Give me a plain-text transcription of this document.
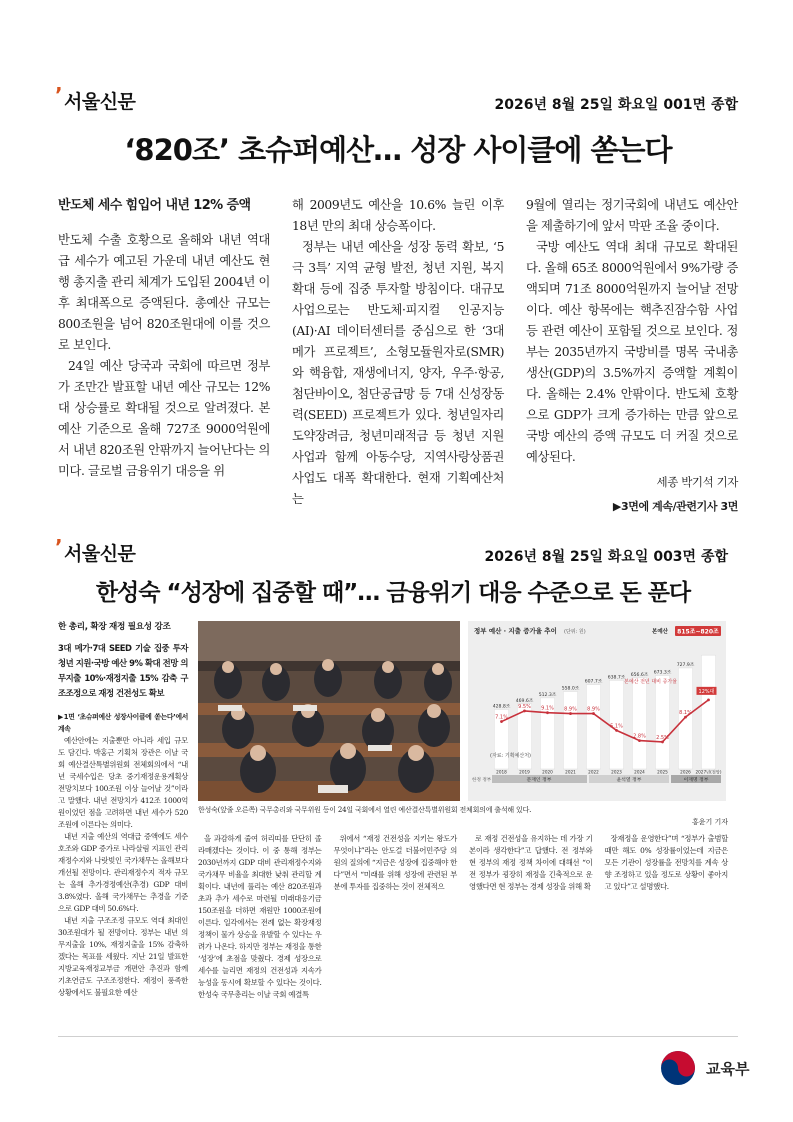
’ 서울신문	2026년 8월 25일 화요일 001면 종합
‘820조’ 초슈퍼예산… 성장 사이클에 쏟는다
반도체 세수 힘입어 내년 12% 증액

반도체 수출 호황으로 올해와 내년 역대급 세수가 예고된 가운데 내년 예산도 현행 총지출 관리 체계가 도입된 2004년 이후 최대폭으로 증액된다. 총예산 규모는 800조원을 넘어 820조원대에 이를 것으로 보인다.

24일 예산 당국과 국회에 따르면 정부가 조만간 발표할 내년 예산 규모는 12% 대 상승률로 확대될 것으로 알려졌다. 본예산 기준으로 올해 727조 9000억원에서 내년 820조원 안팎까지 늘어난다는 의미다. 글로벌 금융위기 대응을 위

해 2009년도 예산을 10.6% 늘린 이후 18년 만의 최대 상승폭이다.

정부는 내년 예산을 성장 동력 확보, ‘5극 3특’ 지역 균형 발전, 청년 지원, 복지 확대 등에 집중 투자할 방침이다. 대규모 사업으로는 반도체·피지컬 인공지능(AI)·AI 데이터센터를 중심으로 한 ‘3대 메가 프로젝트’, 소형모듈원자로(SMR)와 핵융합, 재생에너지, 양자, 우주·항공, 첨단바이오, 첨단공급망 등 7대 신성장동력(SEED) 프로젝트가 있다. 청년일자리도약장려금, 청년미래적금 등 청년 지원 사업과 함께 아동수당, 지역사랑상품권 사업도 대폭 확대한다. 현재 기획예산처는

9월에 열리는 정기국회에 내년도 예산안을 제출하기에 앞서 막판 조율 중이다.

국방 예산도 역대 최대 규모로 확대된다. 올해 65조 8000억원에서 9%가량 증액되며 71조 8000억원까지 늘어날 전망이다. 예산 항목에는 핵추진잠수함 사업 등 관련 예산이 포함될 것으로 보인다. 정부는 2035년까지 국방비를 명목 국내총생산(GDP)의 3.5%까지 증액할 계획이다. 올해는 2.4% 안팎이다. 반도체 호황으로 GDP가 크게 증가하는 만큼 앞으로 국방 예산의 증액 규모도 더 커질 것으로 예상된다.

세종 박기석 기자
▶3면에 계속/관련기사 3면
’ 서울신문	2026년 8월 25일 화요일 003면 종합
한성숙 “성장에 집중할 때”… 금융위기 대응 수준으로 돈 푼다
한 총리, 확장 재정 필요성 강조
3대 메가·7대 SEED 기술 집중 투자 청년 지원·국방 예산 9% 확대 전망 의무지출 10%·재정지출 15% 감축 구조조정으로 재정 건전성도 확보
▶1면 ‘초슈퍼예산 성장사이클에 쏟는다’에서 계속

예산안에는 지출뿐만 아니라 세입 규모도 담긴다. 박홍근 기획처 장관은 이날 국회 예산결산특별위원회 전체회의에서 “내년 국세수입은 당초 중기재정운용계획상 전망치보다 100조원 이상 늘어날 것”이라고 말했다. 내년 전망치가 412조 1000억원이었던 점을 고려하면 내년 세수가 520조원에 이른다는 의미다.

내년 지출 예산의 역대급 증액에도 세수 호조와 GDP 증가로 나라살림 지표인 관리재정수지와 나랏빚인 국가채무는 올해보다 개선될 전망이다. 관리재정수지 적자 규모는 올해 추가경정예산(추경) GDP 대비 3.8%였다. 올해 국가채무는 추경을 기준으로 GDP 대비 50.6%다.

내년 지출 구조조정 규모도 역대 최대인 30조원대가 될 전망이다. 정부는 내년 의무지출을 10%, 재정지출을 15% 감축하겠다는 목표를 세웠다. 지난 21일 발표한 지방교육재정교부금 개편안 추진과 함께 기초연금도 구조조정한다. 재정이 풍족한 상황에서도 불필요한 예산

정부 예산 · 지출 증가율 추이 (단위: 원)	본예산 815조~820조
428.8조
469.6조
512.3조
558.0조
607.7조
638.7조 656.6조 673.3조
727.9조
7.1%
9.5% 9.1% 8.9% 8.9%
5.1%
2.8% 2.5%
8.1%
12%대
본예산 전년 대비 증가율
(자료: 기획예산처)
2018	2019	2020	2021	2022	2023	2024	2025	2026 2027년(전망)
한정 정부	문재인 정부	윤석열 정부	이재명 정부
한성숙(앞줄 오른쪽) 국무총리와 국무위원 등이 24일 국회에서 열린 예산결산특별위원회 전체회의에 출석해 있다.
홍윤기 기자

을 과감하게 줄여 허리띠를 단단히 졸라매겠다는 것이다. 이 중 통해 정부는 2030년까지 GDP 대비 관리재정수지와 국가채무 비율을 최대한 낮춰 관리할 계획이다. 내년에 풀리는 예산 820조원과 초과 추가 세수로 마련될 미래대응기금 150조원을 더하면 재원만 1000조원에 이른다. 일각에서는 전례 없는 확장재정 정책이 물가 상승을 유발할 수 있다는 우려가 나온다. 하지만 정부는 재정을 통한 ‘성장’에 초점을 맞췄다. 경제 성장으로 세수를 늘리면 재정의 건전성과 지속가능성을 동시에 확보할 수 있다는 것이다. 한성숙 국무총리는 이날 국회 예결특

위에서 “재정 건전성을 지키는 왕도가 무엇이냐”라는 안도걸 더불어민주당 의원의 질의에 “지금은 성장에 집중해야 한다”면서 “미래를 위해 성장에 관련된 부분에 투자를 집중하는 것이 전체적으

로 재정 건전성을 유지하는 데 가장 기본이라 생각한다”고 답했다. 전 정부와 현 정부의 재정 정책 차이에 대해선 “이전 정부가 굉장히 재정을 긴축적으로 운영했다면 현 정부는 경제 성장을 위해 확

장재정을 운영한다”며 “정부가 출범할 때만 해도 0% 성장률이었는데 지금은 모든 기관이 성장률을 전망치를 계속 상향 조정하고 있을 정도로 상황이 좋아지고 있다”고 설명했다.

교육부
